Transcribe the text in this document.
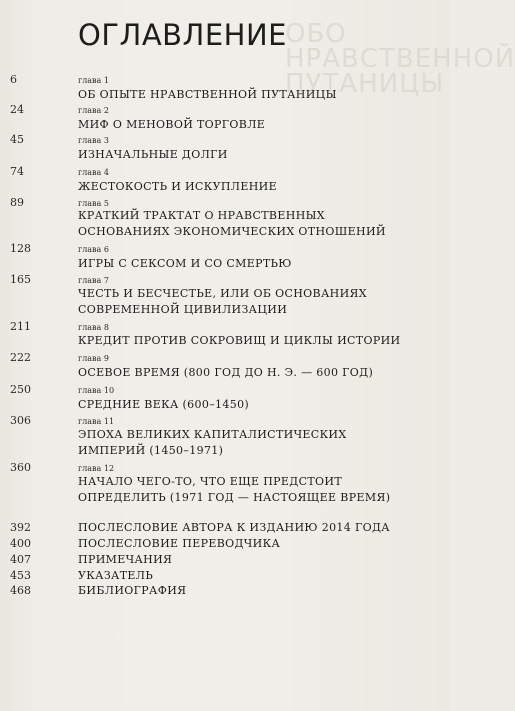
ОБО
НРАВСТВЕННОЙ
ПУТАНИЦЫ
ОГЛАВЛЕНИЕ
6	глава 1
ОБ ОПЫТЕ НРАВСТВЕННОЙ ПУТАНИЦЫ
24	глава 2
МИФ О МЕНОВОЙ ТОРГОВЛЕ
45	глава 3
ИЗНАЧАЛЬНЫЕ ДОЛГИ
74	глава 4
ЖЕСТОКОСТЬ И ИСКУПЛЕНИЕ
89	глава 5
КРАТКИЙ ТРАКТАТ О НРАВСТВЕННЫХ ОСНОВАНИЯХ ЭКОНОМИЧЕСКИХ ОТНОШЕНИЙ
128	глава 6
ИГРЫ С СЕКСОМ И СО СМЕРТЬЮ
165	глава 7
ЧЕСТЬ И БЕСЧЕСТЬЕ, ИЛИ ОБ ОСНОВАНИЯХ СОВРЕМЕННОЙ ЦИВИЛИЗАЦИИ
211	глава 8
КРЕДИТ ПРОТИВ СОКРОВИЩ И ЦИКЛЫ ИСТОРИИ
222	глава 9
ОСЕВОЕ ВРЕМЯ (800 ГОД ДО Н. Э. — 600 ГОД)
250	глава 10
СРЕДНИЕ ВЕКА (600–1450)
306	глава 11
ЭПОХА ВЕЛИКИХ КАПИТАЛИСТИЧЕСКИХ ИМПЕРИЙ (1450–1971)
360	глава 12
НАЧАЛО ЧЕГО-ТО, ЧТО ЕЩЕ ПРЕДСТОИТ ОПРЕДЕЛИТЬ (1971 ГОД — НАСТОЯЩЕЕ ВРЕМЯ)
392	ПОСЛЕСЛОВИЕ АВТОРА К ИЗДАНИЮ 2014 ГОДА
400	ПОСЛЕСЛОВИЕ ПЕРЕВОДЧИКА
407	ПРИМЕЧАНИЯ
453	УКАЗАТЕЛЬ
468	БИБЛИОГРАФИЯ
